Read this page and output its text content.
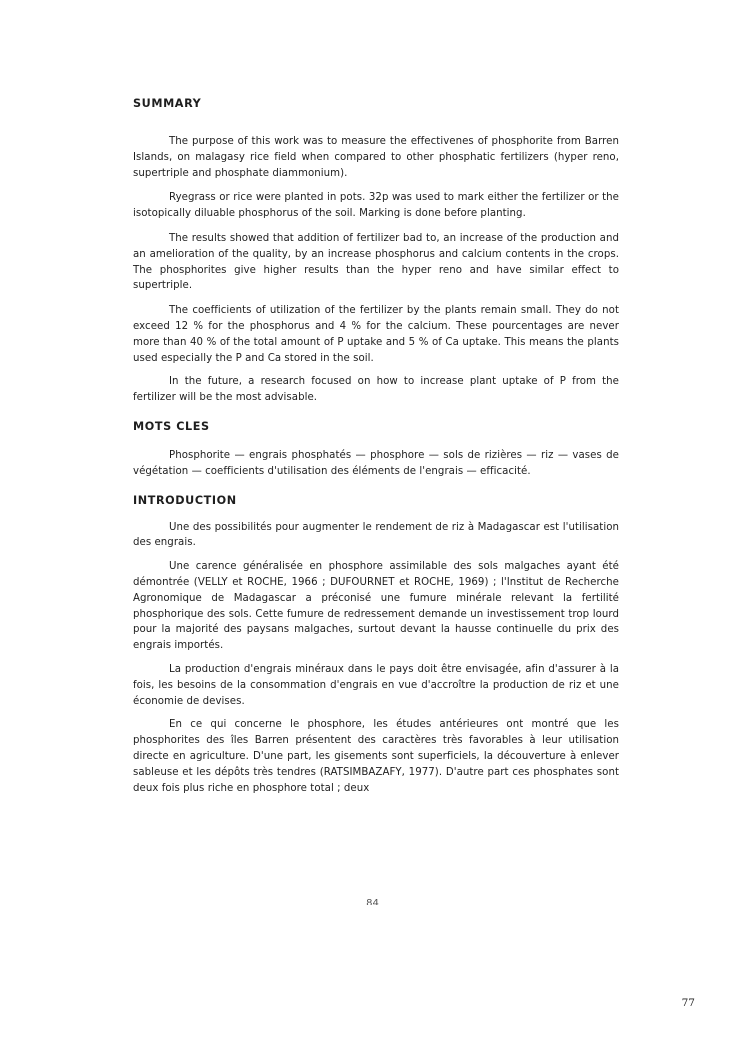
SUMMARY

The purpose of this work was to measure the effectivenes of phosphorite from Barren Islands, on malagasy rice field when compared to other phosphatic fertilizers (hyper reno, supertriple and phosphate diammonium).

Ryegrass or rice were planted in pots. 32p was used to mark either the fertilizer or the isotopically diluable phosphorus of the soil. Marking is done before planting.

The results showed that addition of fertilizer bad to, an increase of the production and an amelioration of the quality, by an increase phosphorus and calcium contents in the crops. The phosphorites give higher results than the hyper reno and have similar effect to supertriple.

The coefficients of utilization of the fertilizer by the plants remain small. They do not exceed 12 % for the phosphorus and 4 % for the calcium. These pourcentages are never more than 40 % of the total amount of P uptake and 5 % of Ca uptake. This means the plants used especially the P and Ca stored in the soil.

In the future, a research focused on how to increase plant uptake of P from the fertilizer will be the most advisable.

MOTS CLES

Phosphorite — engrais phosphatés — phosphore — sols de rizières — riz — vases de végétation — coefficients d'utilisation des éléments de l'engrais — efficacité.

INTRODUCTION

Une des possibilités pour augmenter le rendement de riz à Madagascar est l'utilisation des engrais.

Une carence généralisée en phosphore assimilable des sols malgaches ayant été démontrée (VELLY et ROCHE, 1966 ; DUFOURNET et ROCHE, 1969) ; l'Institut de Recherche Agronomique de Madagascar a préconisé une fumure minérale relevant la fertilité phosphorique des sols. Cette fumure de redressement demande un investissement trop lourd pour la majorité des paysans malgaches, surtout devant la hausse continuelle du prix des engrais importés.

La production d'engrais minéraux dans le pays doit être envisagée, afin d'assurer à la fois, les besoins de la consommation d'engrais en vue d'accroître la production de riz et une économie de devises.

En ce qui concerne le phosphore, les études antérieures ont montré que les phosphorites des îles Barren présentent des caractères très favorables à leur utilisation directe en agriculture. D'une part, les gisements sont superficiels, la découverture à enlever sableuse et les dépôts très tendres (RATSIMBAZAFY, 1977). D'autre part ces phosphates sont deux fois plus riche en phosphore total ; deux

84
77
